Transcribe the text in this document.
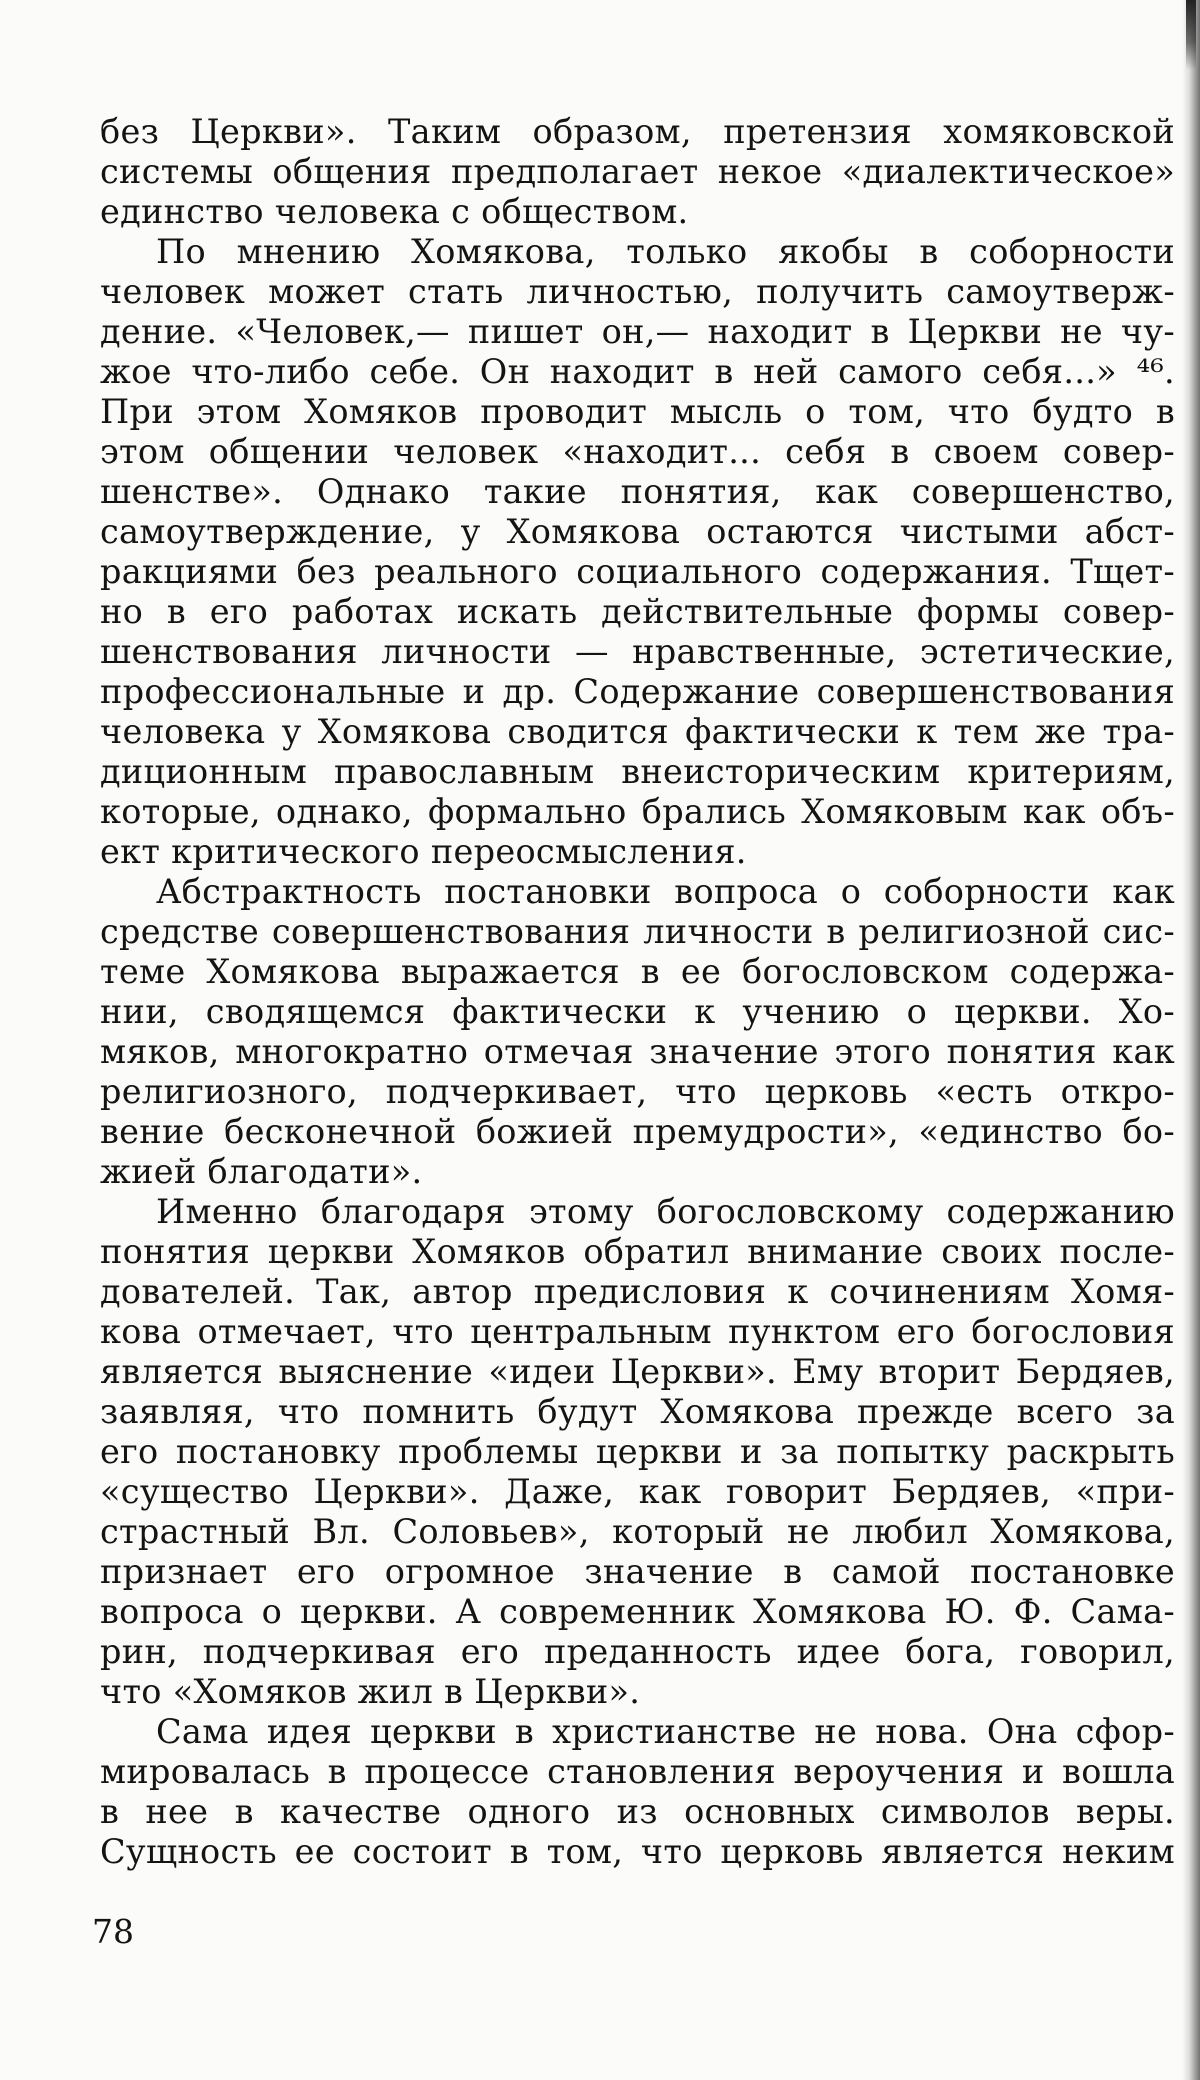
без Церкви». Таким образом, претензия хомяковской
системы общения предполагает некое «диалектическое»
единство человека с обществом.
По мнению Хомякова, только якобы в соборности
человек может стать личностью, получить самоутверж-
дение. «Человек,— пишет он,— находит в Церкви не чу-
жое что-либо себе. Он находит в ней самого себя...» ⁴⁶.
При этом Хомяков проводит мысль о том, что будто в
этом общении человек «находит... себя в своем совер-
шенстве». Однако такие понятия, как совершенство,
самоутверждение, у Хомякова остаются чистыми абст-
ракциями без реального социального содержания. Тщет-
но в его работах искать действительные формы совер-
шенствования личности — нравственные, эстетические,
профессиональные и др. Содержание совершенствования
человека у Хомякова сводится фактически к тем же тра-
диционным православным внеисторическим критериям,
которые, однако, формально брались Хомяковым как объ-
ект критического переосмысления.
Абстрактность постановки вопроса о соборности как
средстве совершенствования личности в религиозной сис-
теме Хомякова выражается в ее богословском содержа-
нии, сводящемся фактически к учению о церкви. Хо-
мяков, многократно отмечая значение этого понятия как
религиозного, подчеркивает, что церковь «есть откро-
вение бесконечной божией премудрости», «единство бо-
жией благодати».
Именно благодаря этому богословскому содержанию
понятия церкви Хомяков обратил внимание своих после-
дователей. Так, автор предисловия к сочинениям Хомя-
кова отмечает, что центральным пунктом его богословия
является выяснение «идеи Церкви». Ему вторит Бердяев,
заявляя, что помнить будут Хомякова прежде всего за
его постановку проблемы церкви и за попытку раскрыть
«существо Церкви». Даже, как говорит Бердяев, «при-
страстный Вл. Соловьев», который не любил Хомякова,
признает его огромное значение в самой постановке
вопроса о церкви. А современник Хомякова Ю. Ф. Сама-
рин, подчеркивая его преданность идее бога, говорил,
что «Хомяков жил в Церкви».
Сама идея церкви в христианстве не нова. Она сфор-
мировалась в процессе становления вероучения и вошла
в нее в качестве одного из основных символов веры.
Сущность ее состоит в том, что церковь является неким
78
